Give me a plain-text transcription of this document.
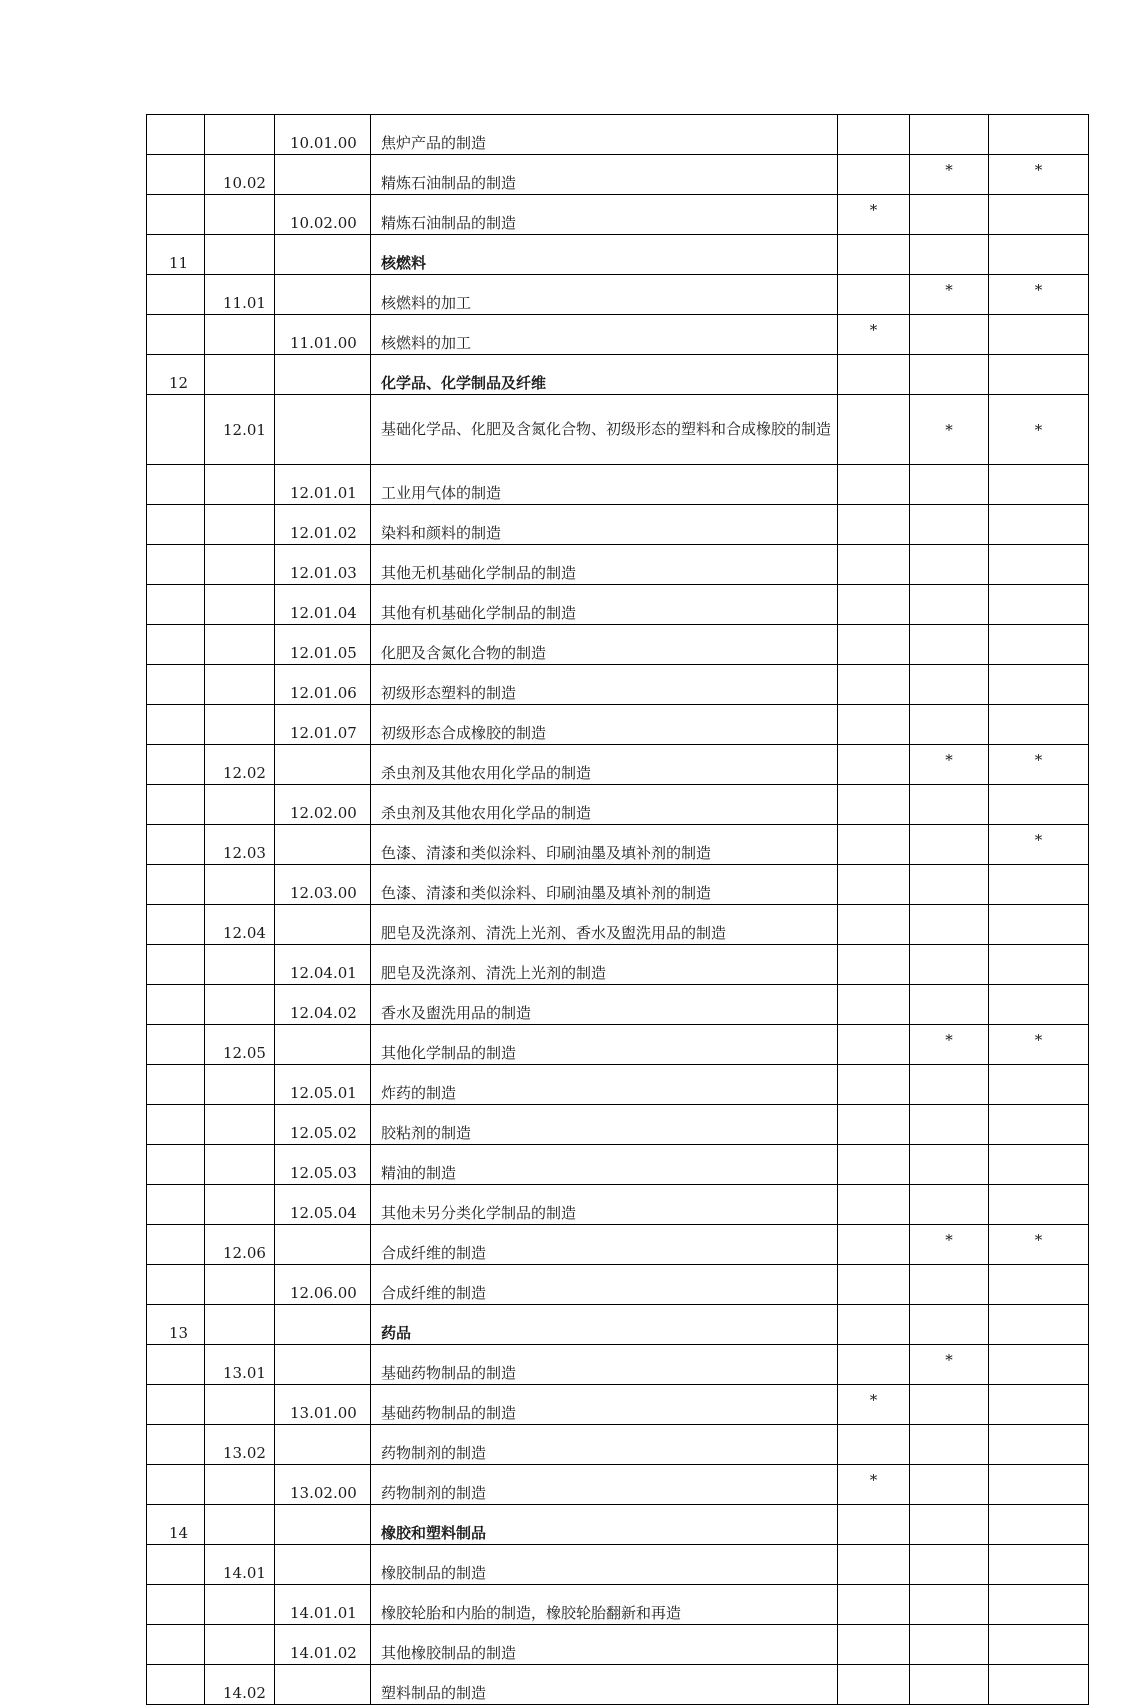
		10.01.00	焦炉产品的制造			
	10.02		精炼石油制品的制造		*	*
		10.02.00	精炼石油制品的制造	*		
11			核燃料			
	11.01		核燃料的加工		*	*
		11.01.00	核燃料的加工	*		
12			化学品、化学制品及纤维			
	12.01		基础化学品、化肥及含氮化合物、初级形态的塑料和合成橡胶的制造		*	*
		12.01.01	工业用气体的制造			
		12.01.02	染料和颜料的制造			
		12.01.03	其他无机基础化学制品的制造			
		12.01.04	其他有机基础化学制品的制造			
		12.01.05	化肥及含氮化合物的制造			
		12.01.06	初级形态塑料的制造			
		12.01.07	初级形态合成橡胶的制造			
	12.02		杀虫剂及其他农用化学品的制造		*	*
		12.02.00	杀虫剂及其他农用化学品的制造			
	12.03		色漆、清漆和类似涂料、印刷油墨及填补剂的制造			*
		12.03.00	色漆、清漆和类似涂料、印刷油墨及填补剂的制造			
	12.04		肥皂及洗涤剂、清洗上光剂、香水及盥洗用品的制造			
		12.04.01	肥皂及洗涤剂、清洗上光剂的制造			
		12.04.02	香水及盥洗用品的制造			
	12.05		其他化学制品的制造		*	*
		12.05.01	炸药的制造			
		12.05.02	胶粘剂的制造			
		12.05.03	精油的制造			
		12.05.04	其他未另分类化学制品的制造			
	12.06		合成纤维的制造		*	*
		12.06.00	合成纤维的制造			
13			药品			
	13.01		基础药物制品的制造		*	
		13.01.00	基础药物制品的制造	*		
	13.02		药物制剂的制造			
		13.02.00	药物制剂的制造	*		
14			橡胶和塑料制品			
	14.01		橡胶制品的制造			
		14.01.01	橡胶轮胎和内胎的制造，橡胶轮胎翻新和再造			
		14.01.02	其他橡胶制品的制造			
	14.02		塑料制品的制造			
